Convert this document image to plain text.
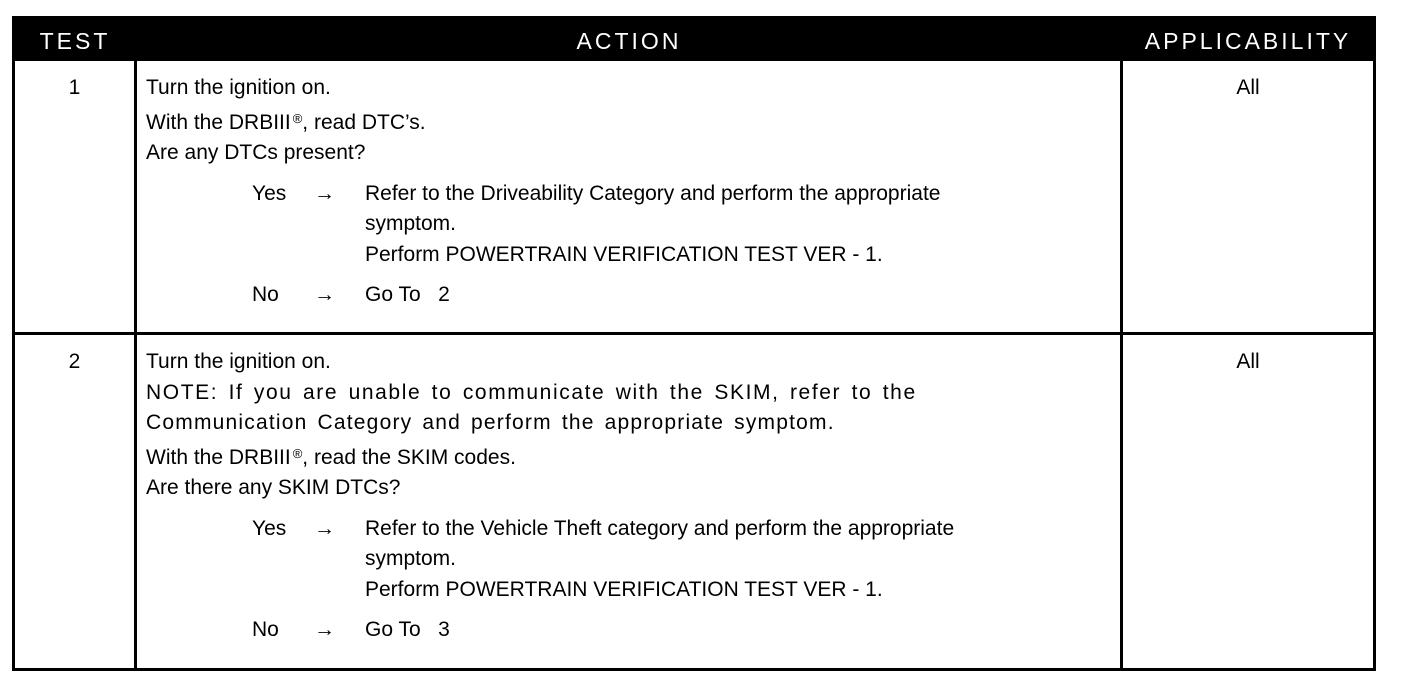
TEST	ACTION	APPLICABILITY
1	Turn the ignition on.
With the DRBIII ®, read DTC’s.
Are any DTCs present?
Yes	→	Refer to the Driveability Category and perform the appropriate
symptom.
Perform POWERTRAIN VERIFICATION TEST VER - 1.
No	→	Go To   2
All
2	Turn the ignition on.
NOTE: If you are unable to communicate with the SKIM, refer to the
Communication Category and perform the appropriate symptom.
With the DRBIII ®, read the SKIM codes.
Are there any SKIM DTCs?
Yes	→	Refer to the Vehicle Theft category and perform the appropriate
symptom.
Perform POWERTRAIN VERIFICATION TEST VER - 1.
No	→	Go To   3
All
